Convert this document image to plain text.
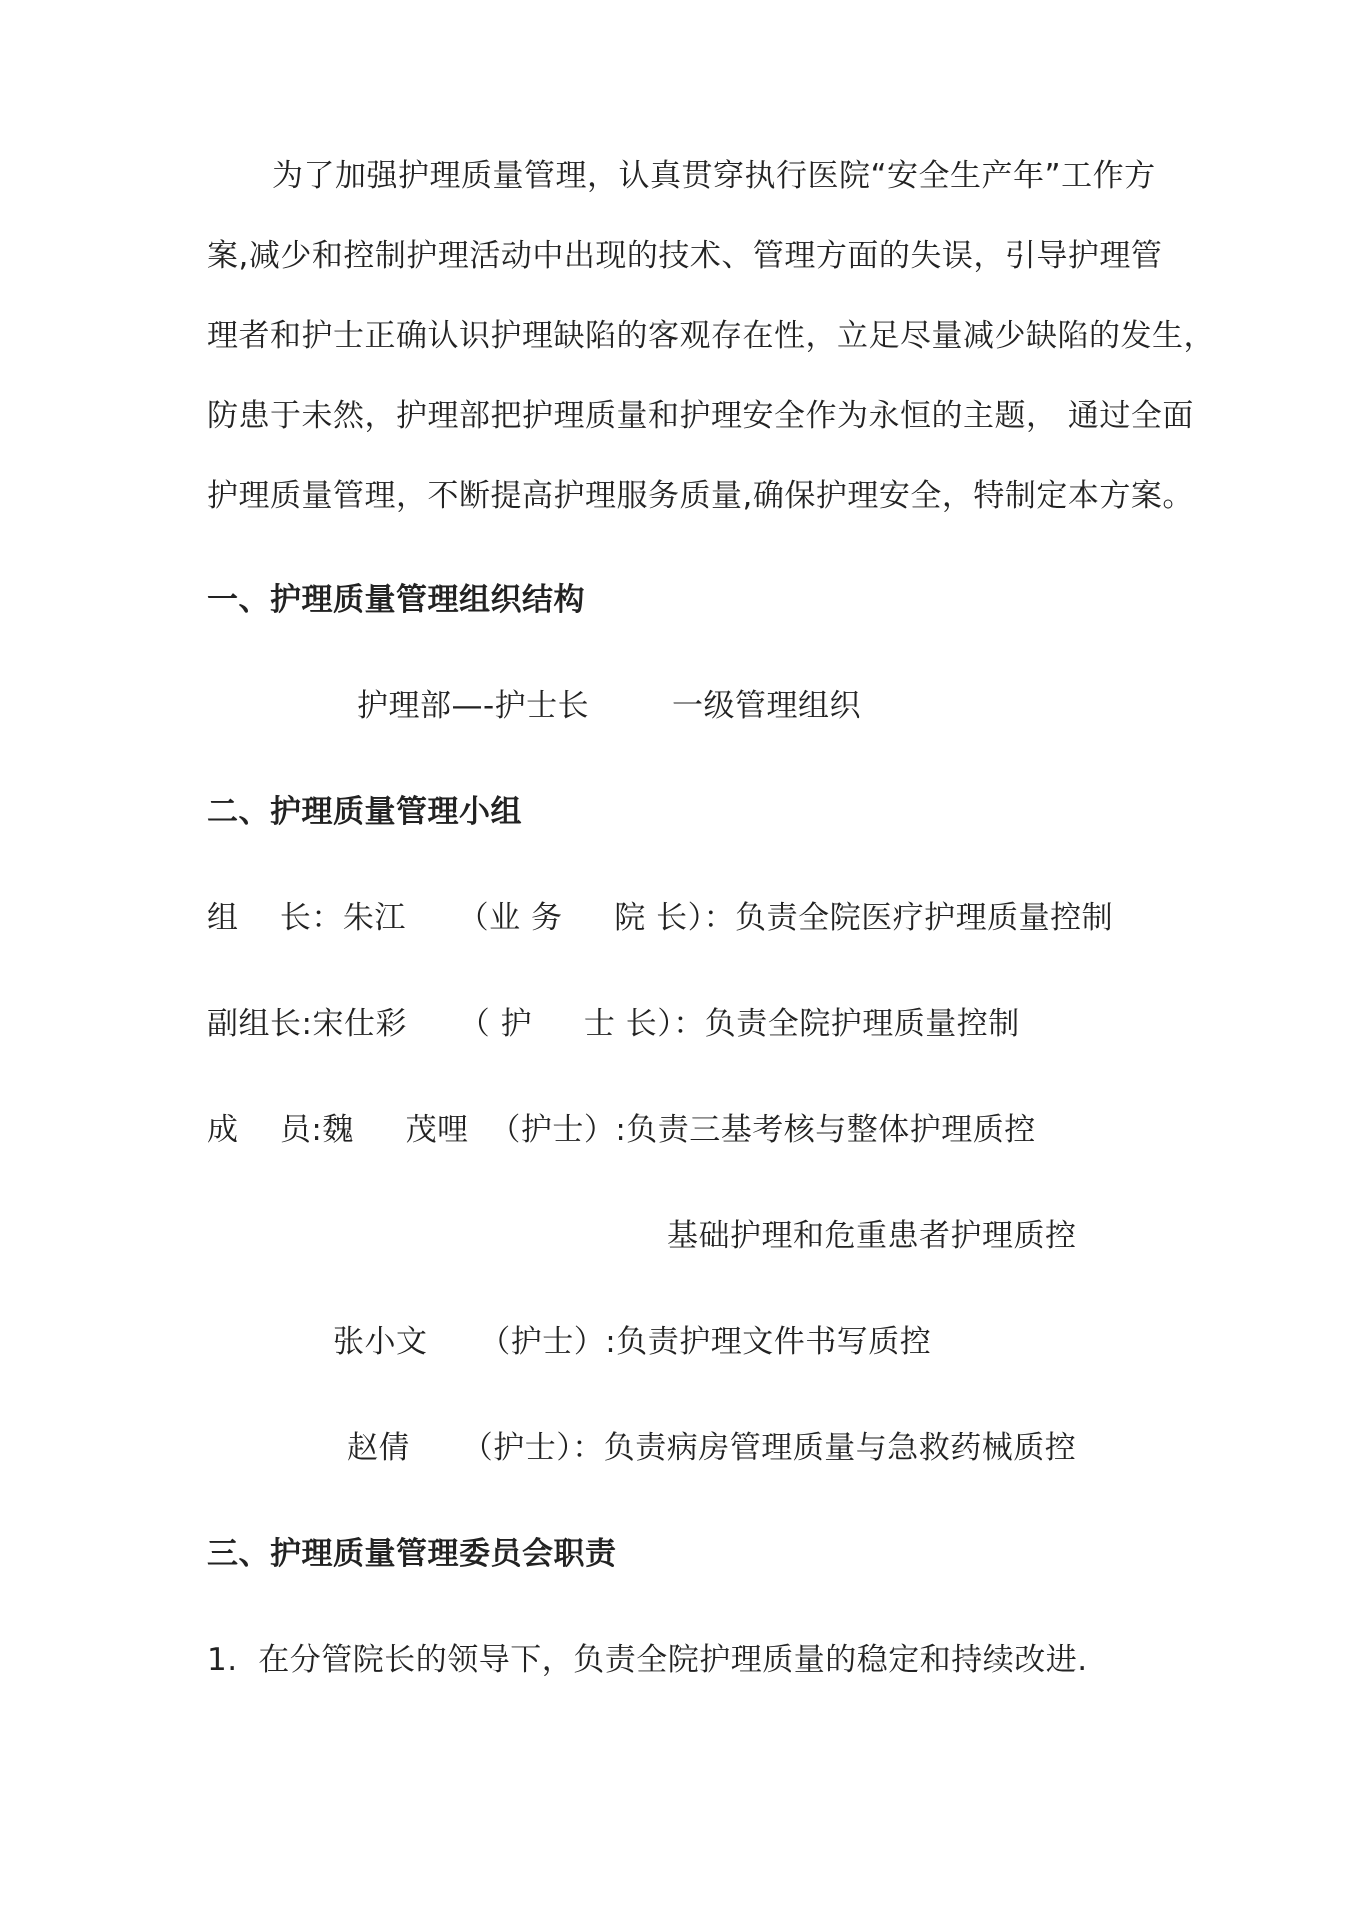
为了加强护理质量管理，认真贯穿执行医院“安全生产年”工作方
案,减少和控制护理活动中出现的技术、管理方面的失误，引导护理管
理者和护士正确认识护理缺陷的客观存在性，立足尽量减少缺陷的发生，
防患于未然，护理部把护理质量和护理安全作为永恒的主题， 通过全面
护理质量管理，不断提高护理服务质量,确保护理安全，特制定本方案。
一、护理质量管理组织结构
护理部—-护士长        一级管理组织
二、护理质量管理小组
组    长：朱江     （业 务     院 长）：负责全院医疗护理质量控制
副组长:宋仕彩     （ 护     士 长）：负责全院护理质量控制
成    员:魏     茂哩  （护士）:负责三基考核与整体护理质控
基础护理和危重患者护理质控
张小文     （护士）:负责护理文件书写质控
赵倩     （护士）：负责病房管理质量与急救药械质控
三、护理质量管理委员会职责
1.  在分管院长的领导下，负责全院护理质量的稳定和持续改进.
